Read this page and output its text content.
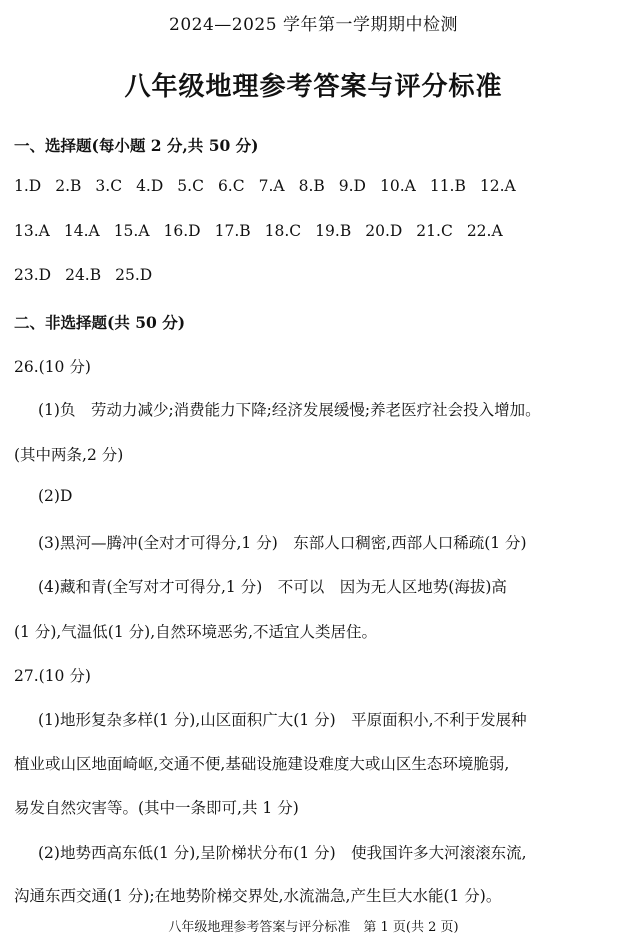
2024—2025 学年第一学期期中检测
八年级地理参考答案与评分标准
一、选择题(每小题 2 分,共 50 分)
1.D 2.B 3.C 4.D 5.C 6.C 7.A 8.B 9.D 10.A 11.B 12.A
13.A 14.A 15.A 16.D 17.B 18.C 19.B 20.D 21.C 22.A
23.D 24.B 25.D
二、非选择题(共 50 分)
26.(10 分)
(1)负　劳动力减少;消费能力下降;经济发展缓慢;养老医疗社会投入增加。
(其中两条,2 分)
(2)D
(3)黑河—腾冲(全对才可得分,1 分)　东部人口稠密,西部人口稀疏(1 分)
(4)藏和青(全写对才可得分,1 分)　不可以　因为无人区地势(海拔)高
(1 分),气温低(1 分),自然环境恶劣,不适宜人类居住。
27.(10 分)
(1)地形复杂多样(1 分),山区面积广大(1 分)　平原面积小,不利于发展种
植业或山区地面崎岖,交通不便,基础设施建设难度大或山区生态环境脆弱,
易发自然灾害等。(其中一条即可,共 1 分)
(2)地势西高东低(1 分),呈阶梯状分布(1 分)　使我国许多大河滚滚东流,
沟通东西交通(1 分);在地势阶梯交界处,水流湍急,产生巨大水能(1 分)。
八年级地理参考答案与评分标准　第 1 页(共 2 页)
